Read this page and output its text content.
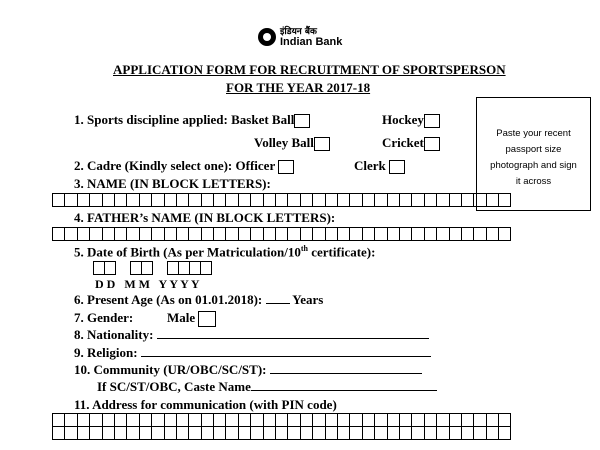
इंडियन बैंक
Indian Bank
APPLICATION FORM FOR RECRUITMENT OF SPORTSPERSON
FOR THE YEAR 2017-18
Paste your recent
passport size
photograph and sign
it across
1. Sports discipline applied: Basket Ball	Hockey
Volley Ball	Cricket
2. Cadre (Kindly select one): Officer	Clerk
3. NAME (IN BLOCK LETTERS):
4. FATHER’s NAME (IN BLOCK LETTERS):
5. Date of Birth (As per Matriculation/10th certificate):
D D   M M   Y Y Y Y
6. Present Age (As on 01.01.2018): Years
7. Gender:	Male
8. Nationality:
9. Religion:
10. Community (UR/OBC/SC/ST):
If SC/ST/OBC, Caste Name
11. Address for communication (with PIN code)
